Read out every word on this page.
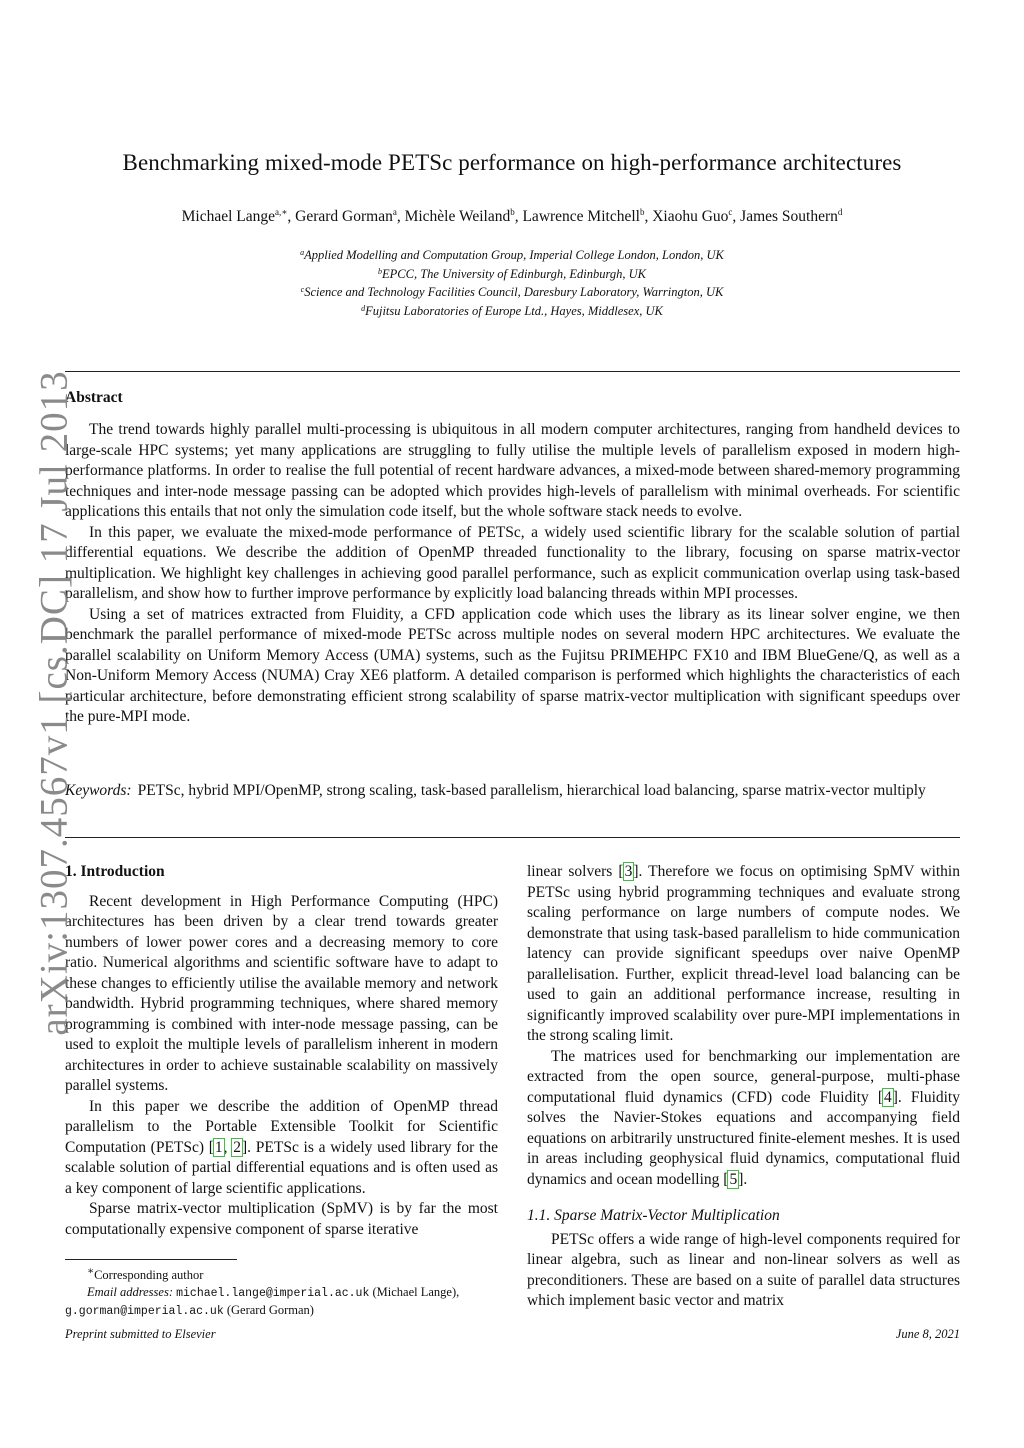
Benchmarking mixed-mode PETSc performance on high-performance architectures
Michael Lange$^{a,∗}$, Gerard Gorman$^a$, Michèle Weiland$^b$, Lawrence Mitchell$^b$, Xiaohu Guo$^c$, James Southern$^d$
$^a$Applied Modelling and Computation Group, Imperial College London, London, UK
$^b$EPCC, The University of Edinburgh, Edinburgh, UK
$^c$Science and Technology Facilities Council, Daresbury Laboratory, Warrington, UK
$^d$Fujitsu Laboratories of Europe Ltd., Hayes, Middlesex, UK
Abstract

The trend towards highly parallel multi-processing is ubiquitous in all modern computer architectures, ranging from handheld devices to large-scale HPC systems; yet many applications are struggling to fully utilise the multiple levels of parallelism exposed in modern high-performance platforms. In order to realise the full potential of recent hardware advances, a mixed-mode between shared-memory programming techniques and inter-node message passing can be adopted which provides high-levels of parallelism with minimal overheads. For scientific applications this entails that not only the simulation code itself, but the whole software stack needs to evolve.

In this paper, we evaluate the mixed-mode performance of PETSc, a widely used scientific library for the scalable solution of partial differential equations. We describe the addition of OpenMP threaded functionality to the library, focusing on sparse matrix-vector multiplication. We highlight key challenges in achieving good parallel performance, such as explicit communication overlap using task-based parallelism, and show how to further improve performance by explicitly load balancing threads within MPI processes.

Using a set of matrices extracted from Fluidity, a CFD application code which uses the library as its linear solver engine, we then benchmark the parallel performance of mixed-mode PETSc across multiple nodes on several modern HPC architectures. We evaluate the parallel scalability on Uniform Memory Access (UMA) systems, such as the Fujitsu PRIMEHPC FX10 and IBM BlueGene/Q, as well as a Non-Uniform Memory Access (NUMA) Cray XE6 platform. A detailed comparison is performed which highlights the characteristics of each particular architecture, before demonstrating efficient strong scalability of sparse matrix-vector multiplication with significant speedups over the pure-MPI mode.

Keywords: PETSc, hybrid MPI/OpenMP, strong scaling, task-based parallelism, hierarchical load balancing, sparse matrix-vector multiply
1. Introduction

Recent development in High Performance Computing (HPC) architectures has been driven by a clear trend towards greater numbers of lower power cores and a decreasing memory to core ratio. Numerical algorithms and scientific software have to adapt to these changes to efficiently utilise the available memory and network bandwidth. Hybrid programming techniques, where shared memory programming is combined with inter-node message passing, can be used to exploit the multiple levels of parallelism inherent in modern architectures in order to achieve sustainable scalability on massively parallel systems.

In this paper we describe the addition of OpenMP thread parallelism to the Portable Extensible Toolkit for Scientific Computation (PETSc) [1, 2]. PETSc is a widely used library for the scalable solution of partial differential equations and is often used as a key component of large scientific applications.

Sparse matrix-vector multiplication (SpMV) is by far the most computationally expensive component of sparse iterative

∗Corresponding author
Email addresses: michael.lange@imperial.ac.uk (Michael Lange),
g.gorman@imperial.ac.uk (Gerard Gorman)

linear solvers [3]. Therefore we focus on optimising SpMV within PETSc using hybrid programming techniques and evaluate strong scaling performance on large numbers of compute nodes. We demonstrate that using task-based parallelism to hide communication latency can provide significant speedups over naive OpenMP parallelisation. Further, explicit thread-level load balancing can be used to gain an additional performance increase, resulting in significantly improved scalability over pure-MPI implementations in the strong scaling limit.

The matrices used for benchmarking our implementation are extracted from the open source, general-purpose, multi-phase computational fluid dynamics (CFD) code Fluidity [4]. Fluidity solves the Navier-Stokes equations and accompanying field equations on arbitrarily unstructured finite-element meshes. It is used in areas including geophysical fluid dynamics, computational fluid dynamics and ocean modelling [5].

1.1. Sparse Matrix-Vector Multiplication

PETSc offers a wide range of high-level components required for linear algebra, such as linear and non-linear solvers as well as preconditioners. These are based on a suite of parallel data structures which implement basic vector and matrix

Preprint submitted to Elsevier	June 8, 2021
arXiv:1307.4567v1 [cs.DC] 17 Jul 2013
